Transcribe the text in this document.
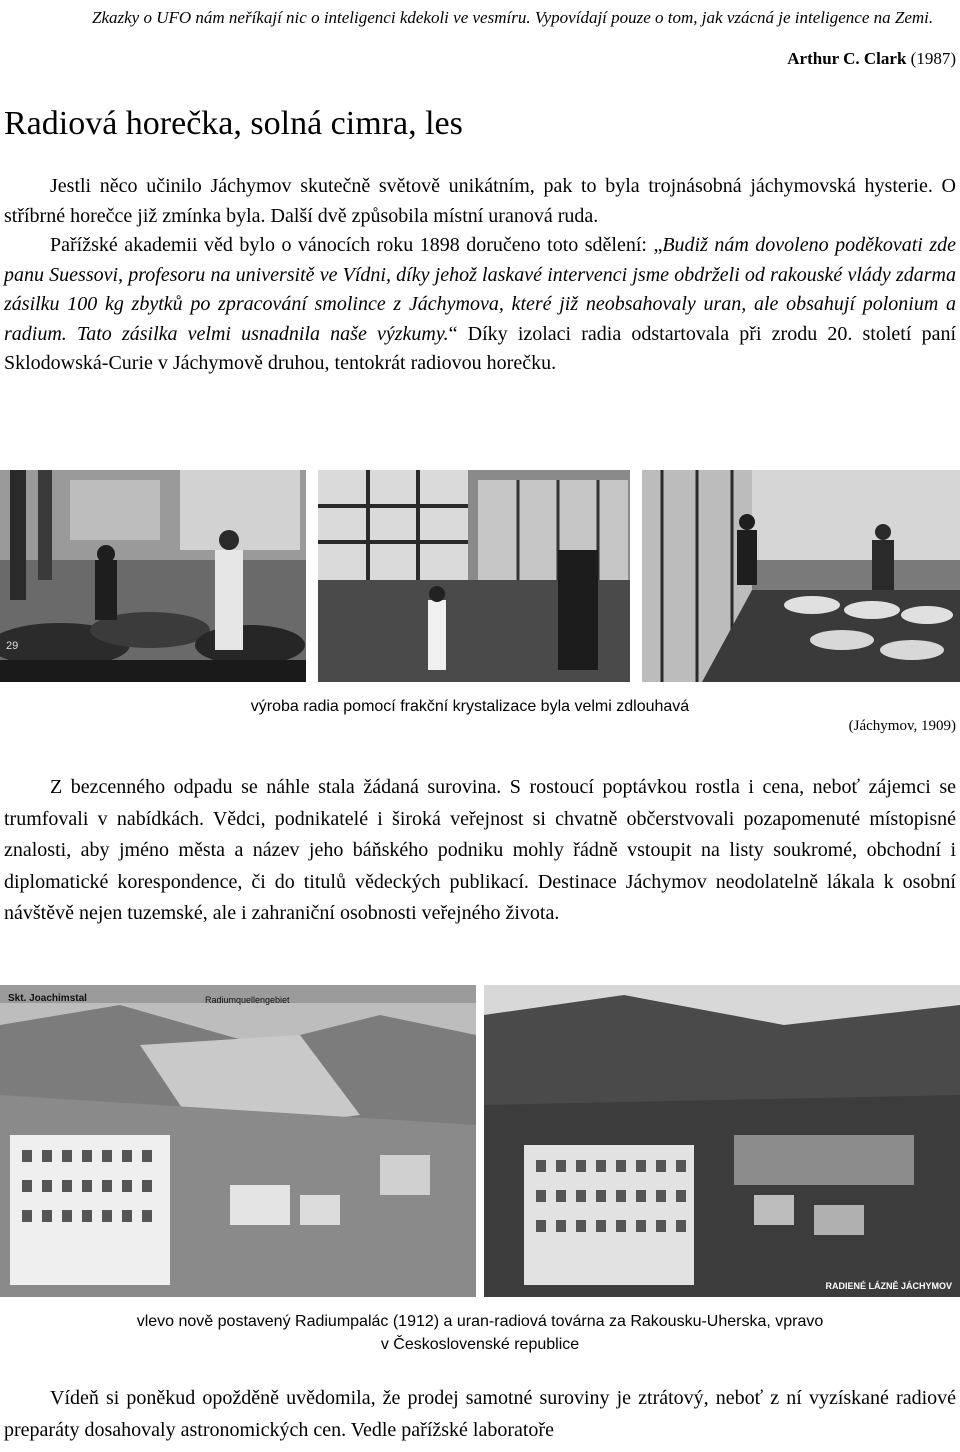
Zkazky o UFO nám neříkají nic o inteligenci kdekoli ve vesmíru. Vypovídají pouze o tom, jak vzácná je inteligence na Zemi.
Arthur C. Clark (1987)
Radiová horečka, solná cimra, les
Jestli něco učinilo Jáchymov skutečně světově unikátním, pak to byla trojnásobná jáchymovská hysterie. O stříbrné horečce již zmínka byla. Další dvě způsobila místní uranová ruda.
Pařížské akademii věd bylo o vánocích roku 1898 doručeno toto sdělení: „Budiž nám dovoleno poděkovati zde panu Suessovi, profesoru na universitě ve Vídni, díky jehož laskavé intervenci jsme obdrželi od rakouské vlády zdarma zásilku 100 kg zbytků po zpracování smolince z Jáchymova, které již neobsahovaly uran, ale obsahují polonium a radium. Tato zásilka velmi usnadnila naše výzkumy.“ Díky izolaci radia odstartovala při zrodu 20. století paní Sklodowská-Curie v Jáchymově druhou, tentokrát radiovou horečku.
29
výroba radia pomocí frakční krystalizace byla velmi zdlouhavá
(Jáchymov, 1909)
Z bezcenného odpadu se náhle stala žádaná surovina. S rostoucí poptávkou rostla i cena, neboť zájemci se trumfovali v nabídkách. Vědci, podnikatelé i široká veřejnost si chvatně občerstvovali pozapomenuté místopisné znalosti, aby jméno města a název jeho báňského podniku mohly řádně vstoupit na listy soukromé, obchodní i diplomatické korespondence, či do titulů vědeckých publikací. Destinace Jáchymov neodolatelně lákala k osobní návštěvě nejen tuzemské, ale i zahraniční osobnosti veřejného života.
Skt. Joachimstal	Radiumquellengebiet
RADIENÉ LÁZNĚ JÁCHYMOV
vlevo nově postavený Radiumpalác (1912) a uran-radiová továrna za Rakousku-Uherska, vpravo
v Československé republice
Vídeň si poněkud opožděně uvědomila, že prodej samotné suroviny je ztrátový, neboť z ní vyzískané radiové preparáty dosahovaly astronomických cen. Vedle pařížské laboratoře
